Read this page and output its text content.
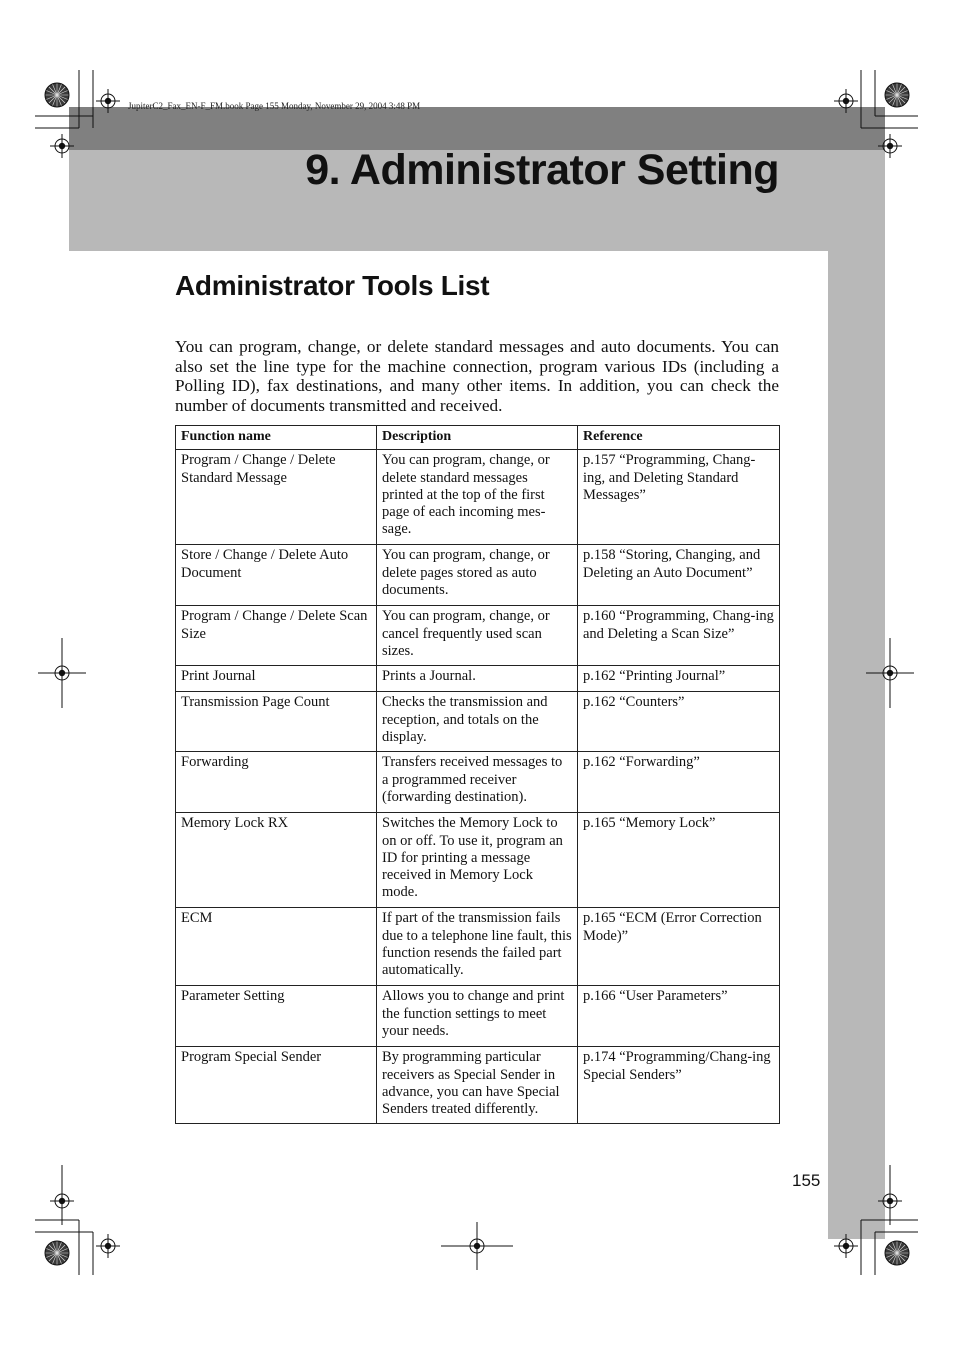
JupiterC2_Fax_EN-F_FM.book Page 155 Monday, November 29, 2004 3:48 PM
9. Administrator Setting
Administrator Tools List

You can program, change, or delete standard messages and auto documents. You can also set the line type for the machine connection, program various IDs (including a Polling ID), fax destinations, and many other items. In addition, you can check the number of documents transmitted and received.

Function name	Description	Reference
Program / Change / Delete Standard Message	You can program, change, or delete standard messages printed at the top of the first page of each incoming mes-sage.	p.157 “Programming, Chang-ing, and Deleting Standard Messages”
Store / Change / Delete Auto Document	You can program, change, or delete pages stored as auto documents.	p.158 “Storing, Changing, and Deleting an Auto Document”
Program / Change / Delete Scan Size	You can program, change, or cancel frequently used scan sizes.	p.160 “Programming, Chang-ing and Deleting a Scan Size”
Print Journal	Prints a Journal.	p.162 “Printing Journal”
Transmission Page Count	Checks the transmission and reception, and totals on the display.	p.162 “Counters”
Forwarding	Transfers received messages to a programmed receiver (forwarding destination).	p.162 “Forwarding”
Memory Lock RX	Switches the Memory Lock to on or off. To use it, program an ID for printing a message received in Memory Lock mode.	p.165 “Memory Lock”
ECM	If part of the transmission fails due to a telephone line fault, this function resends the failed part automatically.	p.165 “ECM (Error Correction Mode)”
Parameter Setting	Allows you to change and print the function settings to meet your needs.	p.166 “User Parameters”
Program Special Sender	By programming particular receivers as Special Sender in advance, you can have Special Senders treated differently.	p.174 “Programming/Chang-ing Special Senders”
155
